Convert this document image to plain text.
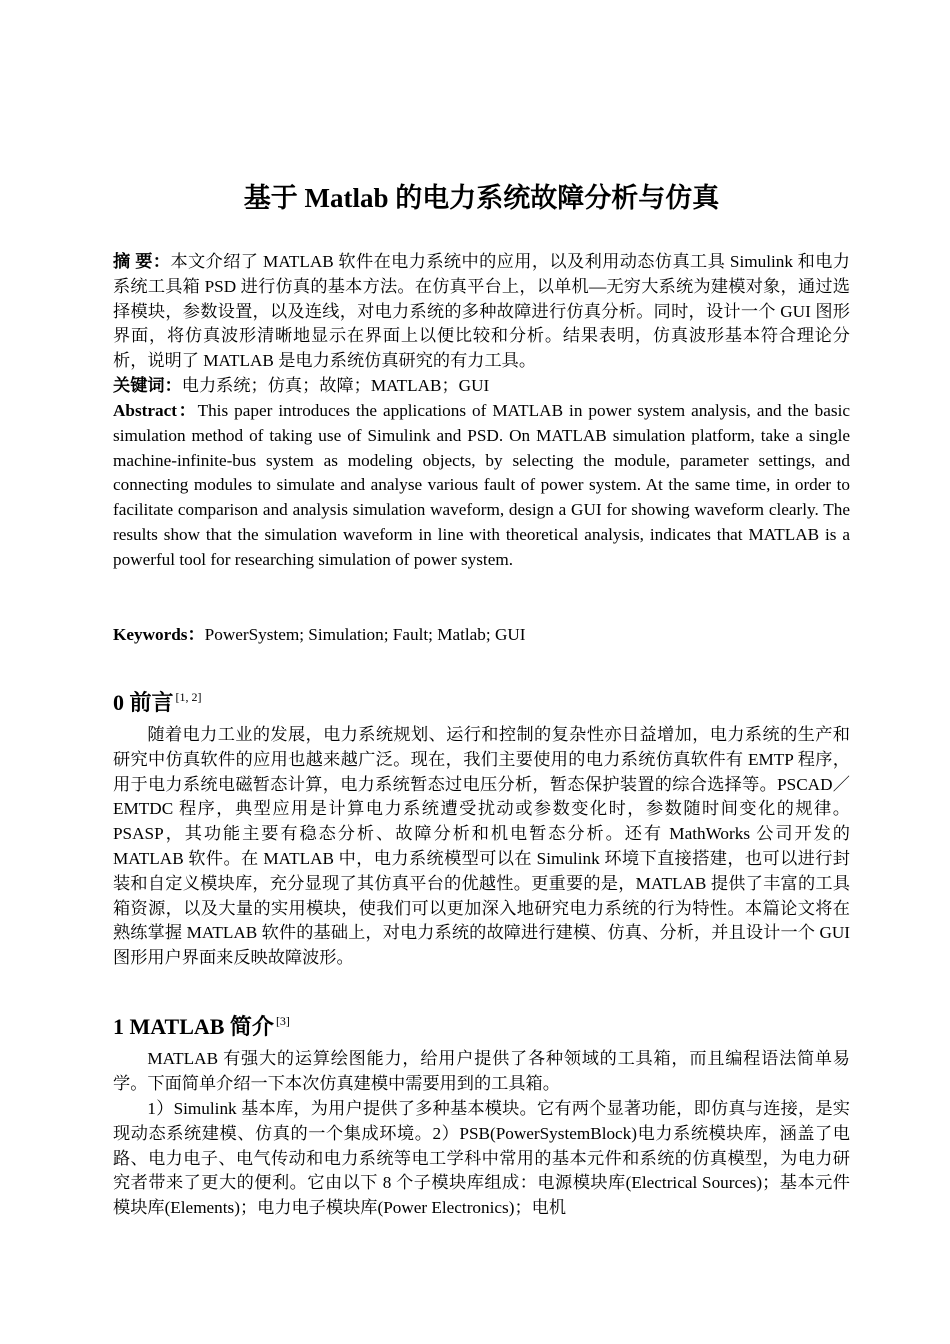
基于 Matlab 的电力系统故障分析与仿真

摘 要：本文介绍了 MATLAB 软件在电力系统中的应用，以及利用动态仿真工具 Simulink 和电力系统工具箱 PSD 进行仿真的基本方法。在仿真平台上，以单机—无穷大系统为建模对象，通过选择模块，参数设置，以及连线，对电力系统的多种故障进行仿真分析。同时，设计一个 GUI 图形界面，将仿真波形清晰地显示在界面上以便比较和分析。结果表明，仿真波形基本符合理论分析，说明了 MATLAB 是电力系统仿真研究的有力工具。

关键词：电力系统；仿真；故障；MATLAB；GUI

Abstract：This paper introduces the applications of MATLAB in power system analysis, and the basic simulation method of taking use of Simulink and PSD. On MATLAB simulation platform, take a single machine-infinite-bus system as modeling objects, by selecting the module, parameter settings, and connecting modules to simulate and analyse various fault of power system. At the same time, in order to facilitate comparison and analysis simulation waveform, design a GUI for showing waveform clearly. The results show that the simulation waveform in line with theoretical analysis, indicates that MATLAB is a powerful tool for researching simulation of power system.

Keywords：PowerSystem; Simulation; Fault; Matlab; GUI

0 前言 [1, 2]

随着电力工业的发展，电力系统规划、运行和控制的复杂性亦日益增加，电力系统的生产和研究中仿真软件的应用也越来越广泛。现在，我们主要使用的电力系统仿真软件有 EMTP 程序，用于电力系统电磁暂态计算，电力系统暂态过电压分析，暂态保护装置的综合选择等。PSCAD／EMTDC 程序，典型应用是计算电力系统遭受扰动或参数变化时，参数随时间变化的规律。PSASP，其功能主要有稳态分析、故障分析和机电暂态分析。还有 MathWorks 公司开发的 MATLAB 软件。在 MATLAB 中，电力系统模型可以在 Simulink 环境下直接搭建，也可以进行封装和自定义模块库，充分显现了其仿真平台的优越性。更重要的是，MATLAB 提供了丰富的工具箱资源，以及大量的实用模块，使我们可以更加深入地研究电力系统的行为特性。本篇论文将在熟练掌握 MATLAB 软件的基础上，对电力系统的故障进行建模、仿真、分析，并且设计一个 GUI 图形用户界面来反映故障波形。

1 MATLAB 简介 [3]

MATLAB 有强大的运算绘图能力，给用户提供了各种领域的工具箱，而且编程语法简单易学。下面简单介绍一下本次仿真建模中需要用到的工具箱。

1）Simulink 基本库，为用户提供了多种基本模块。它有两个显著功能，即仿真与连接，是实现动态系统建模、仿真的一个集成环境。2）PSB(PowerSystemBlock)电力系统模块库，涵盖了电路、电力电子、电气传动和电力系统等电工学科中常用的基本元件和系统的仿真模型，为电力研究者带来了更大的便利。它由以下 8 个子模块库组成：电源模块库(Electrical Sources)；基本元件模块库(Elements)；电力电子模块库(Power Electronics)；电机
